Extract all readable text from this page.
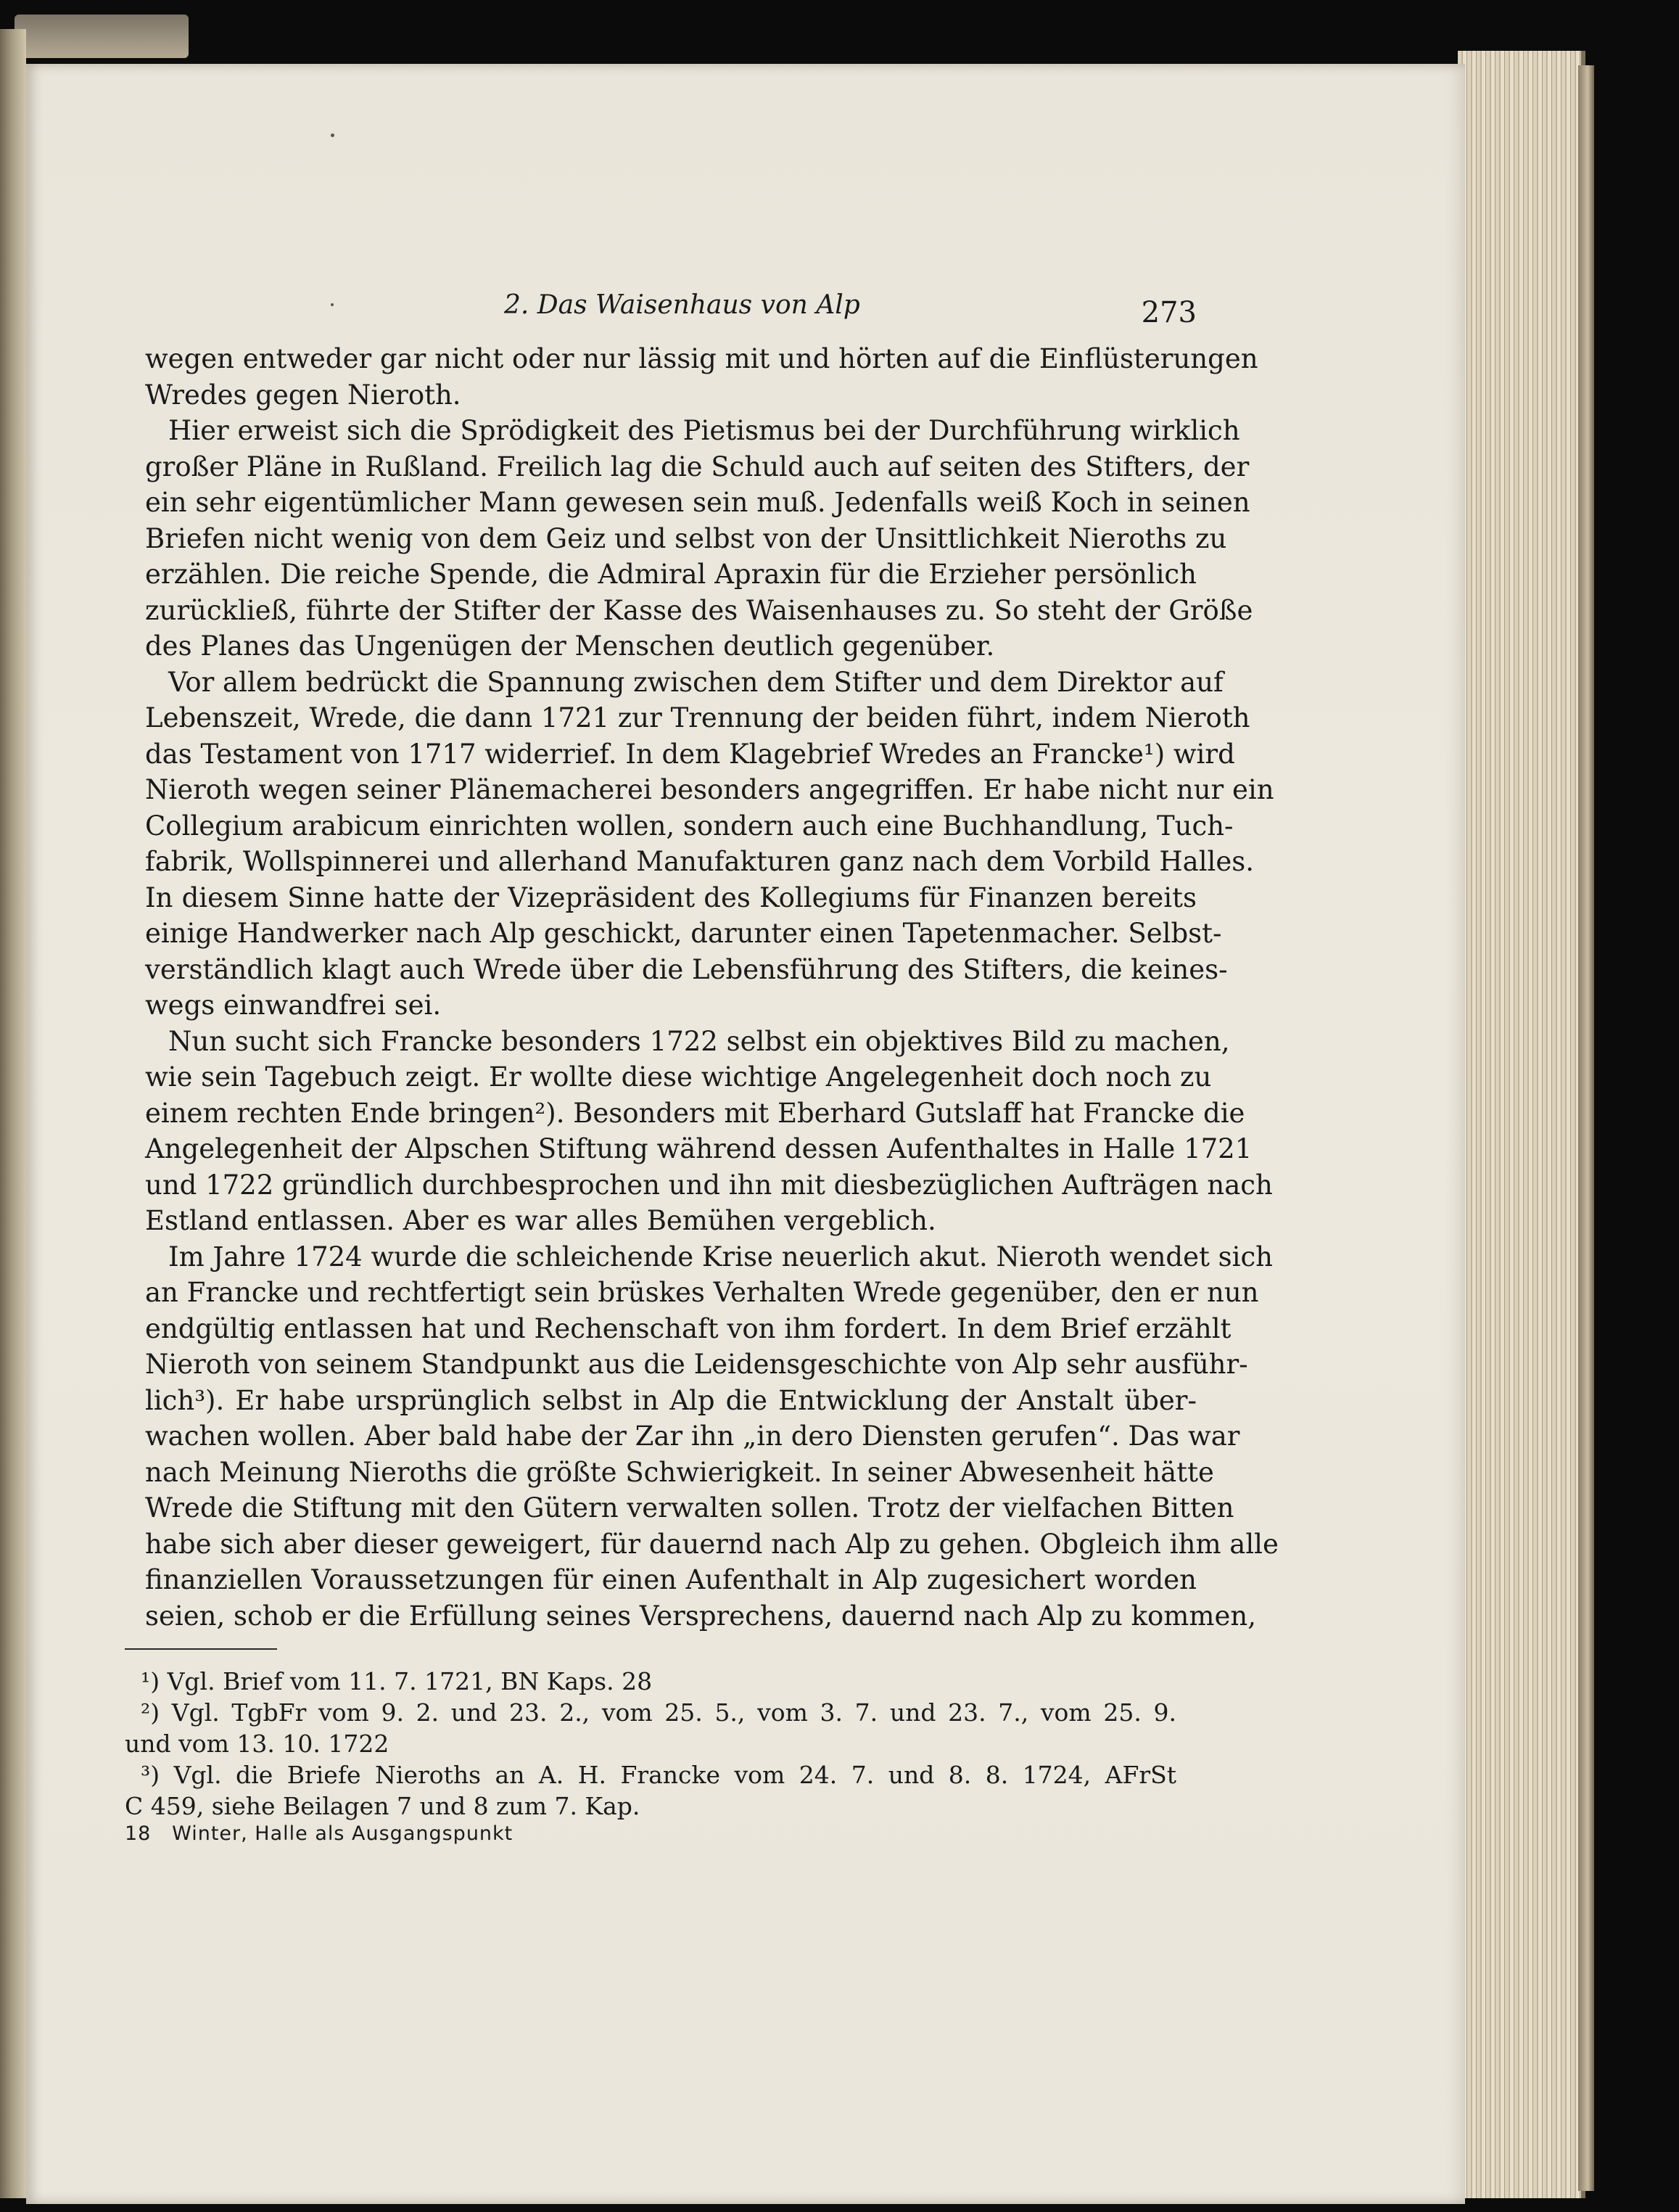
2. Das Waisenhaus von Alp	273
wegen entweder gar nicht oder nur lässig mit und hörten auf die Einflüsterungen
Wredes gegen Nieroth.
Hier erweist sich die Sprödigkeit des Pietismus bei der Durchführung wirklich
großer Pläne in Rußland. Freilich lag die Schuld auch auf seiten des Stifters, der
ein sehr eigentümlicher Mann gewesen sein muß. Jedenfalls weiß Koch in seinen
Briefen nicht wenig von dem Geiz und selbst von der Unsittlichkeit Nieroths zu
erzählen. Die reiche Spende, die Admiral Apraxin für die Erzieher persönlich
zurückließ, führte der Stifter der Kasse des Waisenhauses zu. So steht der Größe
des Planes das Ungenügen der Menschen deutlich gegenüber.
Vor allem bedrückt die Spannung zwischen dem Stifter und dem Direktor auf
Lebenszeit, Wrede, die dann 1721 zur Trennung der beiden führt, indem Nieroth
das Testament von 1717 widerrief. In dem Klagebrief Wredes an Francke¹) wird
Nieroth wegen seiner Plänemacherei besonders angegriffen. Er habe nicht nur ein
Collegium arabicum einrichten wollen, sondern auch eine Buchhandlung, Tuch-
fabrik, Wollspinnerei und allerhand Manufakturen ganz nach dem Vorbild Halles.
In diesem Sinne hatte der Vizepräsident des Kollegiums für Finanzen bereits
einige Handwerker nach Alp geschickt, darunter einen Tapetenmacher. Selbst-
verständlich klagt auch Wrede über die Lebensführung des Stifters, die keines-
wegs einwandfrei sei.
Nun sucht sich Francke besonders 1722 selbst ein objektives Bild zu machen,
wie sein Tagebuch zeigt. Er wollte diese wichtige Angelegenheit doch noch zu
einem rechten Ende bringen²). Besonders mit Eberhard Gutslaff hat Francke die
Angelegenheit der Alpschen Stiftung während dessen Aufenthaltes in Halle 1721
und 1722 gründlich durchbesprochen und ihn mit diesbezüglichen Aufträgen nach
Estland entlassen. Aber es war alles Bemühen vergeblich.
Im Jahre 1724 wurde die schleichende Krise neuerlich akut. Nieroth wendet sich
an Francke und rechtfertigt sein brüskes Verhalten Wrede gegenüber, den er nun
endgültig entlassen hat und Rechenschaft von ihm fordert. In dem Brief erzählt
Nieroth von seinem Standpunkt aus die Leidensgeschichte von Alp sehr ausführ-
lich³). Er habe ursprünglich selbst in Alp die Entwicklung der Anstalt über-
wachen wollen. Aber bald habe der Zar ihn „in dero Diensten gerufen“. Das war
nach Meinung Nieroths die größte Schwierigkeit. In seiner Abwesenheit hätte
Wrede die Stiftung mit den Gütern verwalten sollen. Trotz der vielfachen Bitten
habe sich aber dieser geweigert, für dauernd nach Alp zu gehen. Obgleich ihm alle
finanziellen Voraussetzungen für einen Aufenthalt in Alp zugesichert worden
seien, schob er die Erfüllung seines Versprechens, dauernd nach Alp zu kommen,
¹) Vgl. Brief vom 11. 7. 1721, BN Kaps. 28
²) Vgl. TgbFr vom 9. 2. und 23. 2., vom 25. 5., vom 3. 7. und 23. 7., vom 25. 9.
und vom 13. 10. 1722
³) Vgl. die Briefe Nieroths an A. H. Francke vom 24. 7. und 8. 8. 1724, AFrSt
C 459, siehe Beilagen 7 und 8 zum 7. Kap.
18   Winter, Halle als Ausgangspunkt
